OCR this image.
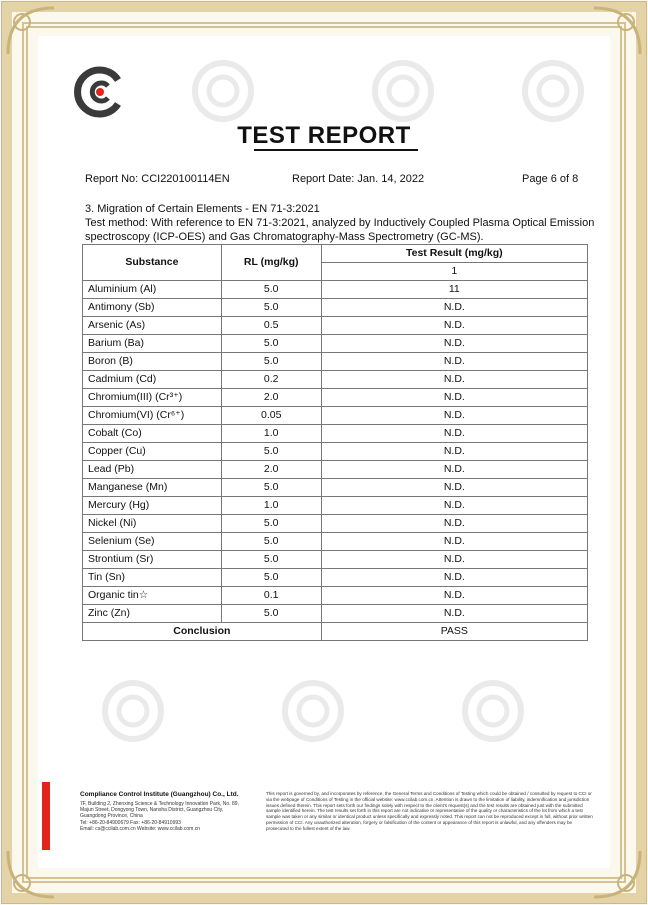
TEST REPORT
Report No: CCI220100114EN	Report Date: Jan. 14, 2022	Page 6 of 8
3. Migration of Certain Elements - EN 71-3:2021
Test method: With reference to EN 71-3:2021, analyzed by Inductively Coupled Plasma Optical Emission
spectroscopy (ICP-OES) and Gas Chromatography-Mass Spectrometry (GC-MS).
Substance	RL (mg/kg)	Test Result (mg/kg)
		1
Aluminium (Al)	5.0	11
Antimony (Sb)	5.0	N.D.
Arsenic (As)	0.5	N.D.
Barium (Ba)	5.0	N.D.
Boron (B)	5.0	N.D.
Cadmium (Cd)	0.2	N.D.
Chromium(III) (Cr³⁺)	2.0	N.D.
Chromium(VI) (Cr⁶⁺)	0.05	N.D.
Cobalt (Co)	1.0	N.D.
Copper (Cu)	5.0	N.D.
Lead (Pb)	2.0	N.D.
Manganese (Mn)	5.0	N.D.
Mercury (Hg)	1.0	N.D.
Nickel (Ni)	5.0	N.D.
Selenium (Se)	5.0	N.D.
Strontium (Sr)	5.0	N.D.
Tin (Sn)	5.0	N.D.
Organic tin☆	0.1	N.D.
Zinc (Zn)	5.0	N.D.
Conclusion		PASS
Compliance Control Institute (Guangzhou) Co., Ltd.
7F, Building 2, Zhenxing Science & Technology Innovation Park, No. 89,
Majun Street, Dongyong Town, Nansha District, Guangzhou City,
Guangdong Province, China
Tel: +86-20-84900679 Fax: +86-20-84910993
Email: cs@ccilab.com.cn Website: www.ccilab.com.cn
This report is governed by, and incorporates by reference, the General Terms and Conditions of Testing which could be obtained / consulted by request to CCI or via the webpage of Conditions of Testing in the official website: www.ccilab.com.cn. Attention is drawn to the limitation of liability, indemnification and jurisdiction issues defined therein. This report sets forth our findings solely with respect to the client's request(s) and the test results are obtained just with the submitted sample identified herein. The test results set forth in this report are not indicative or representative of the quality or characteristics of the lot from which a test sample was taken or any similar or identical product unless specifically and expressly noted. This report can not be reproduced except in full, without prior written permission of CCI. Any unauthorized alteration, forgery or falsification of the content or appearance of this report is unlawful, and any offenders may be prosecuted to the fullest extent of the law.
